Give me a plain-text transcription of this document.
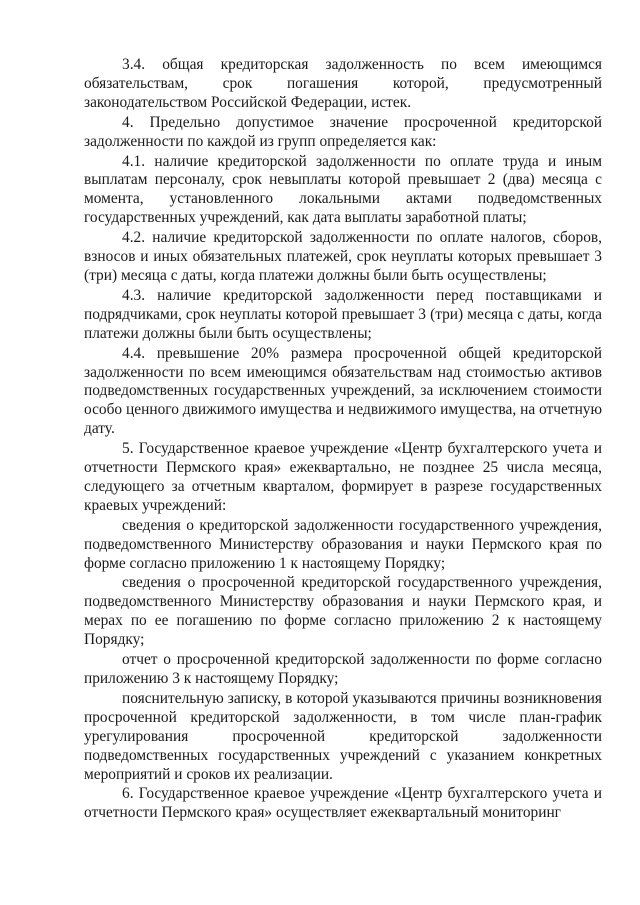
3.4. общая кредиторская задолженность по всем имеющимся обязательствам, срок погашения которой, предусмотренный законодательством Российской Федерации, истек.

4. Предельно допустимое значение просроченной кредиторской задолженности по каждой из групп определяется как:

4.1. наличие кредиторской задолженности по оплате труда и иным выплатам персоналу, срок невыплаты которой превышает 2 (два) месяца с момента, установленного локальными актами подведомственных государственных учреждений, как дата выплаты заработной платы;

4.2. наличие кредиторской задолженности по оплате налогов, сборов, взносов и иных обязательных платежей, срок неуплаты которых превышает 3 (три) месяца с даты, когда платежи должны были быть осуществлены;

4.3. наличие кредиторской задолженности перед поставщиками и подрядчиками, срок неуплаты которой превышает 3 (три) месяца с даты, когда платежи должны были быть осуществлены;

4.4. превышение 20% размера просроченной общей кредиторской задолженности по всем имеющимся обязательствам над стоимостью активов подведомственных государственных учреждений, за исключением стоимости особо ценного движимого имущества и недвижимого имущества, на отчетную дату.

5. Государственное краевое учреждение «Центр бухгалтерского учета и отчетности Пермского края» ежеквартально, не позднее 25 числа месяца, следующего за отчетным кварталом, формирует в разрезе государственных краевых учреждений:

сведения о кредиторской задолженности государственного учреждения, подведомственного Министерству образования и науки Пермского края по форме согласно приложению 1 к настоящему Порядку;

сведения о просроченной кредиторской государственного учреждения, подведомственного Министерству образования и науки Пермского края, и мерах по ее погашению по форме согласно приложению 2 к настоящему Порядку;

отчет о просроченной кредиторской задолженности по форме согласно приложению 3 к настоящему Порядку;

пояснительную записку, в которой указываются причины возникновения просроченной кредиторской задолженности, в том числе план-график урегулирования просроченной кредиторской задолженности подведомственных государственных учреждений с указанием конкретных мероприятий и сроков их реализации.

6. Государственное краевое учреждение «Центр бухгалтерского учета и отчетности Пермского края» осуществляет ежеквартальный мониторинг
